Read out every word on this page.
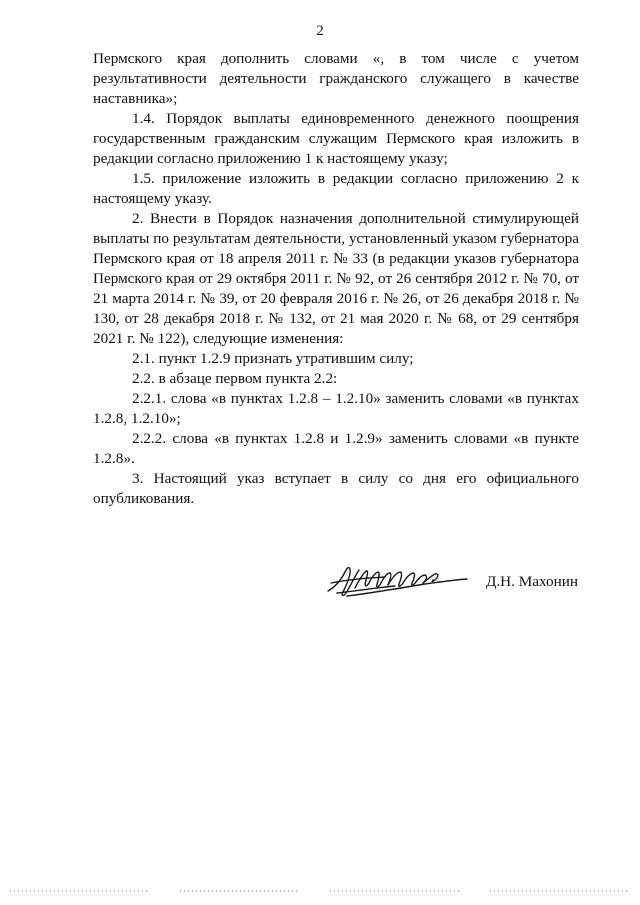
2

Пермского края дополнить словами «, в том числе с учетом результативности деятельности гражданского служащего в качестве наставника»;

1.4. Порядок выплаты единовременного денежного поощрения государственным гражданским служащим Пермского края изложить в редакции согласно приложению 1 к настоящему указу;

1.5. приложение изложить в редакции согласно приложению 2 к настоящему указу.

2. Внести в Порядок назначения дополнительной стимулирующей выплаты по результатам деятельности, установленный указом губернатора Пермского края от 18 апреля 2011 г. № 33 (в редакции указов губернатора Пермского края от 29 октября 2011 г. № 92, от 26 сентября 2012 г. № 70, от 21 марта 2014 г. № 39, от 20 февраля 2016 г. № 26, от 26 декабря 2018 г. № 130, от 28 декабря 2018 г. № 132, от 21 мая 2020 г. № 68, от 29 сентября 2021 г. № 122), следующие изменения:

2.1. пункт 1.2.9 признать утратившим силу;

2.2. в абзаце первом пункта 2.2:

2.2.1. слова «в пунктах 1.2.8 – 1.2.10» заменить словами «в пунктах 1.2.8, 1.2.10»;

2.2.2. слова «в пунктах 1.2.8 и 1.2.9» заменить словами «в пункте 1.2.8».

3. Настоящий указ вступает в силу со дня его официального опубликования.

Д.Н. Махонин
